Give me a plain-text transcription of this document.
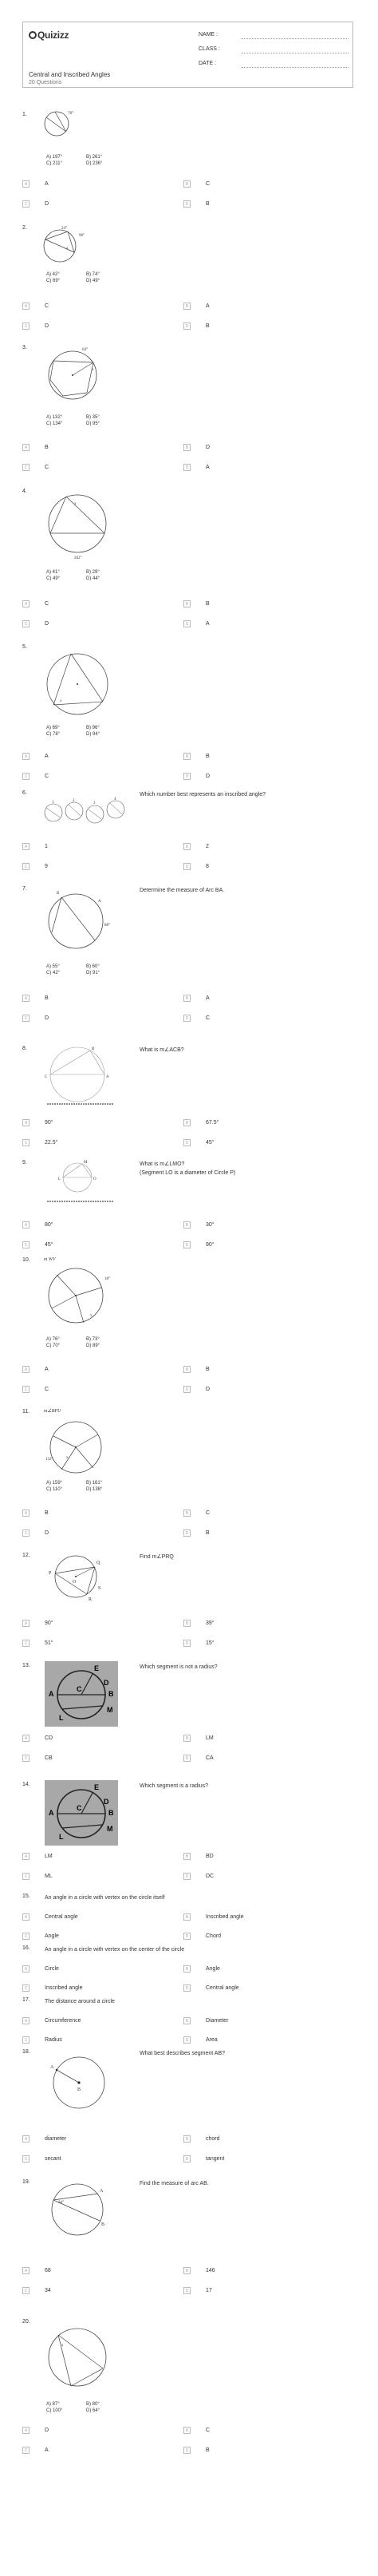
Quizizz
Central and Inscribed Angles
20 Questions
NAME :
CLASS :
DATE :
1.	78°
A) 197°	B) 261°
C) 211°	D) 236°
A	A	B	C
C	D	D	B
2.
98°
x
24°
A) 42°	B) 74°
C) 69°	D) 49°
A	C	B	A
C	D	D	B
3.	64°
x
A) 132°	B) 35°
C) 134°	D) 95°
A	B	B	D
C	C	D	A
4.
x
202°
A) 41°	B) 29°
C) 49°	D) 44°
A	C	B	B
C	D	D	A
5.
x
A) 69°	B) 96°
C) 78°	D) 94°
A	A	B	B
C	C	D	D
6.
1	2
3
4
Which number best represents an inscribed angle?
A	1	B	2
C	9	D	8
7.
B
A
88°
Determine the measure of Arc BA.
A) 55°	B) 60°
C) 42°	D) 91°
A	B	B	A
C	D	D	C
8.	B
A
C
What is m∠ACB?
A	90°	B	67.5°
C	22.5°	D	45°
9.
L
M
O
What is m∠LMO?
(Segment LO is a diameter of Circle P)
A	80°	B	30°
C	45°	D	90°
10.	m WV
18°
x
A) 76°	B) 73°
C) 70°	D) 89°
A	A	B	B
C	C	D	D
11.	m∠BPU
x
132°
A) 159°	B) 161°
C) 110°	D) 138°
A	B	B	C
C	D	D	B
12.
P
Q
R
S
O
Find m∠PRQ
A	90°	B	39°
C	51°	D	15°
13.
A	B
C
D
E
L
M
Which segment is not a radius?
A	CD	B	LM
C	CB	D	CA
14.
A	B
C
D
E
L
M
Which segment is a radius?
A	LM	B	BD
C	ML	D	DC
15.	An angle in a circle with vertex on the circle itself
A	Central angle	B	Inscribed angle
C	Angle	D	Chord
16.	An angle in a circle with vertex on the center of the circle
A	Circle	B	Angle
C	Inscribed angle	D	Central angle
17.	The distance around a circle
A	Circumference	B	Diameter
C	Radius	D	Area
18.
A
B
What best describes segment AB?
A	diameter	B	chord
C	secant	D	tangent
19.
A
B
34°
Find the measure of arc AB.
A	68	B	146
C	34	D	17
20.
x
A) 87°	B) 80°
C) 100°	D) 64°
A	D	B	C
C	A	D	B
